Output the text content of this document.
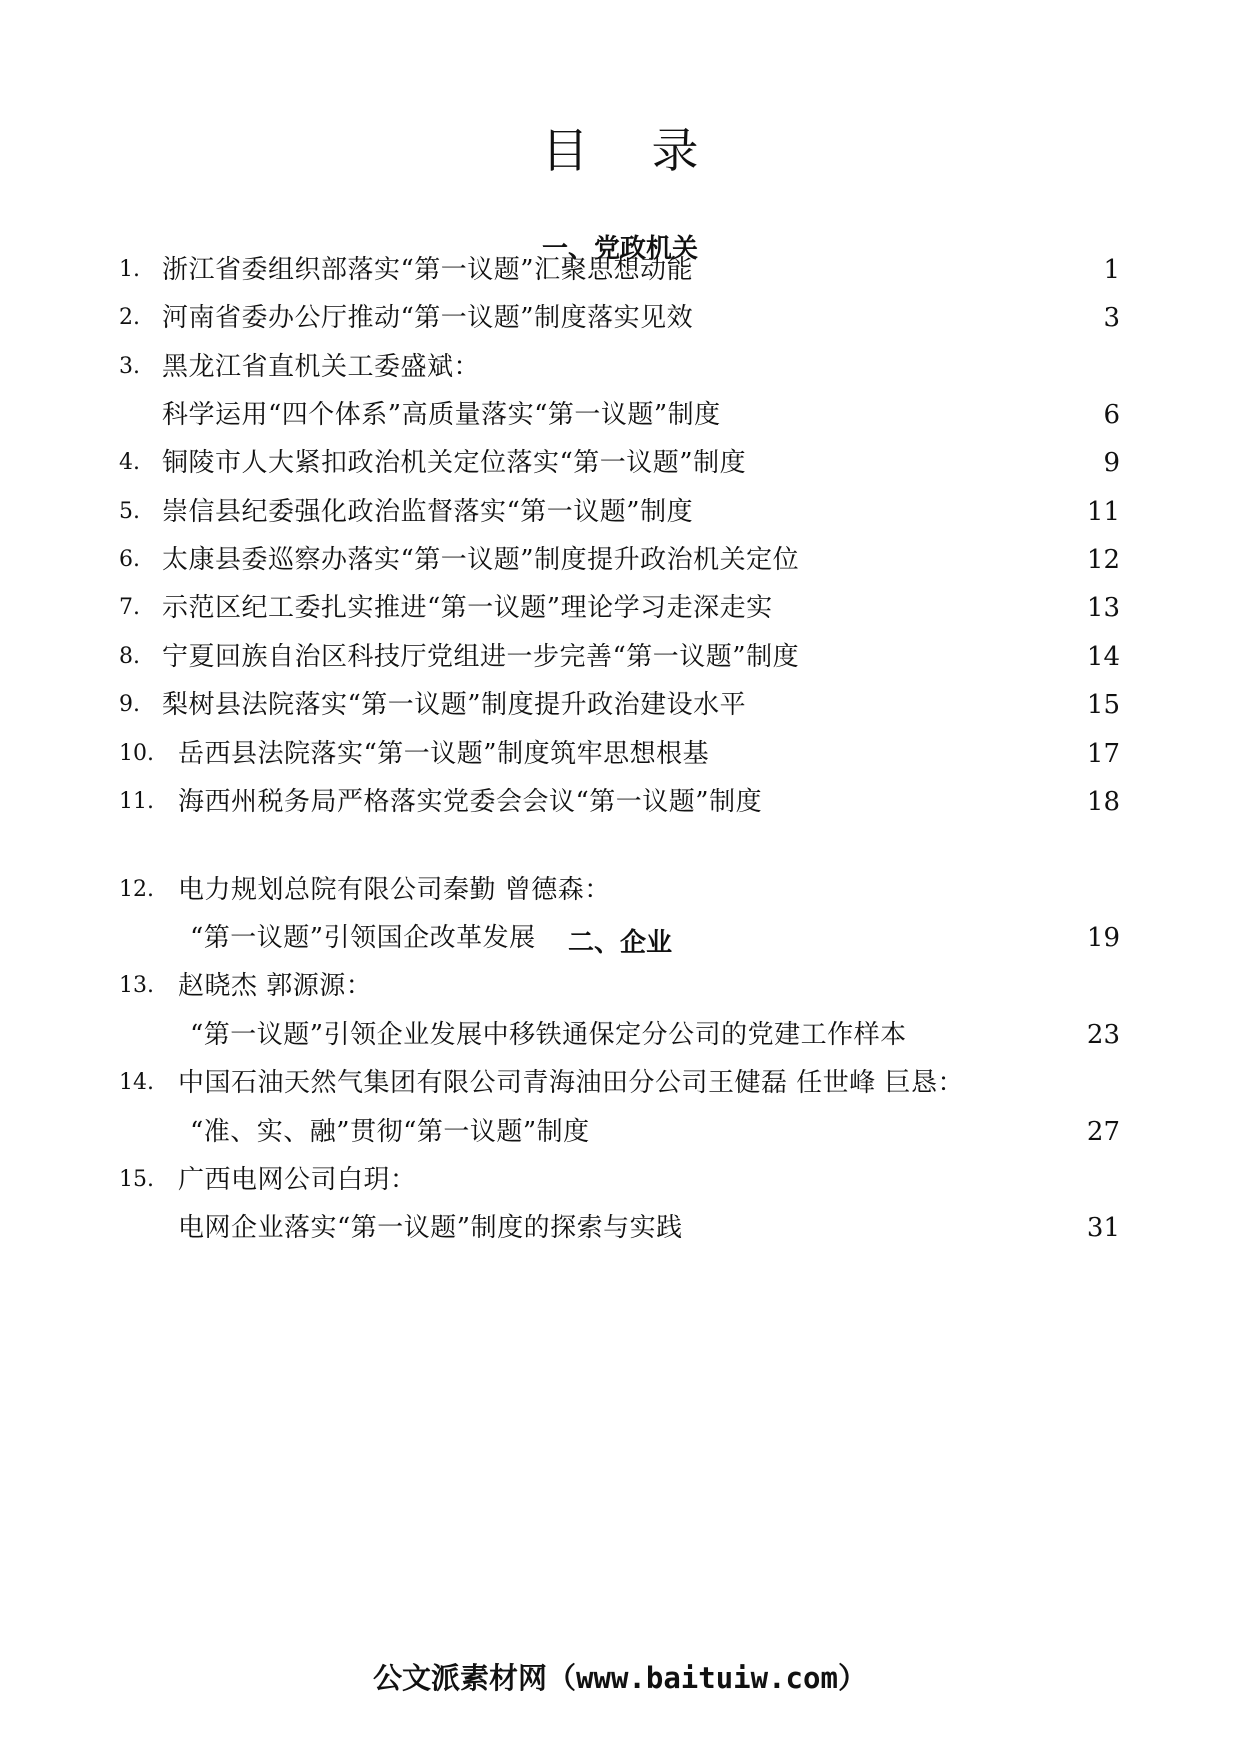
目 录
一、党政机关
1. 浙江省委组织部落实“第一议题”汇聚思想动能	1
2. 河南省委办公厅推动“第一议题”制度落实见效	3
3. 黑龙江省直机关工委盛斌：
科学运用“四个体系”高质量落实“第一议题”制度	6
4. 铜陵市人大紧扣政治机关定位落实“第一议题”制度	9
5. 崇信县纪委强化政治监督落实“第一议题”制度	11
6. 太康县委巡察办落实“第一议题”制度提升政治机关定位	12
7. 示范区纪工委扎实推进“第一议题”理论学习走深走实	13
8. 宁夏回族自治区科技厅党组进一步完善“第一议题”制度	14
9. 梨树县法院落实“第一议题”制度提升政治建设水平	15
10. 岳西县法院落实“第一议题”制度筑牢思想根基	17
11. 海西州税务局严格落实党委会会议“第一议题”制度	18
二、企业
12. 电力规划总院有限公司秦勤 曾德森：
“第一议题”引领国企改革发展	19
13. 赵晓杰 郭源源：
“第一议题”引领企业发展中移铁通保定分公司的党建工作样本	23
14. 中国石油天然气集团有限公司青海油田分公司王健磊 任世峰 巨恳：
“准、实、融”贯彻“第一议题”制度	27
15. 广西电网公司白玥：
电网企业落实“第一议题”制度的探索与实践	31
公文派素材网（www.baituiw.com）
